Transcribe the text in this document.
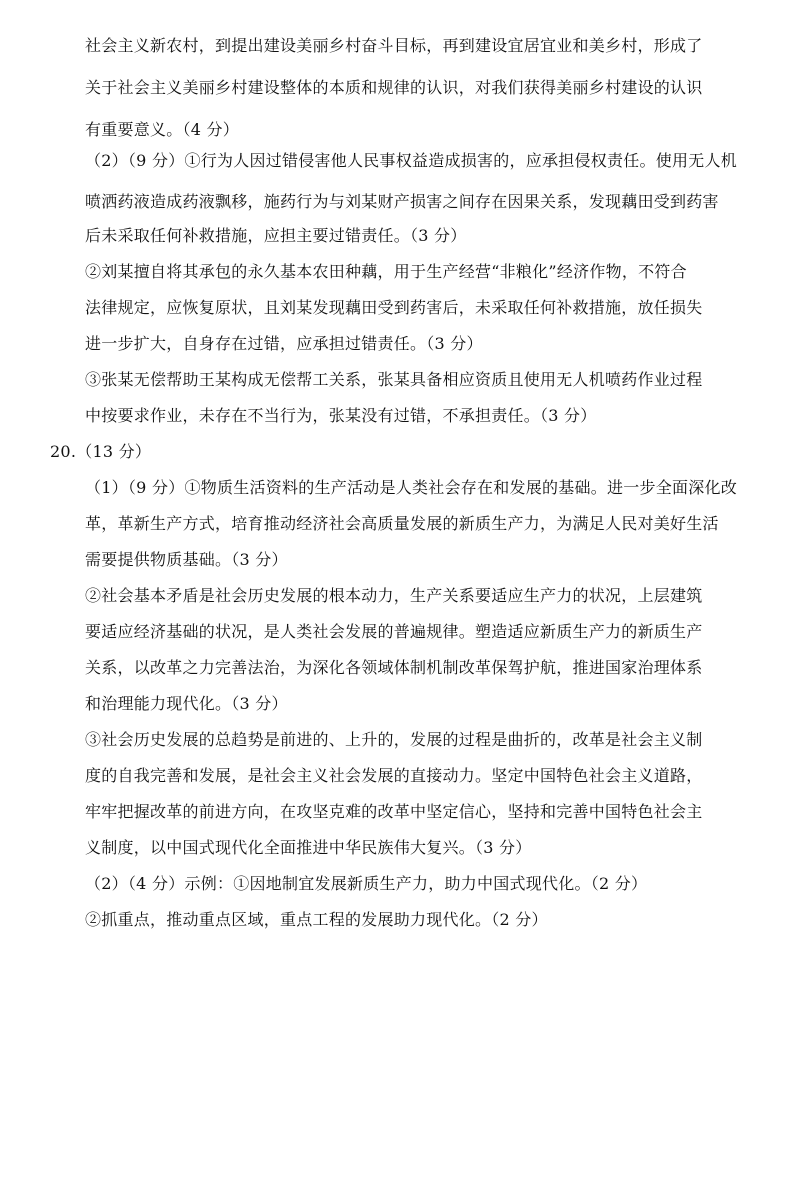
社会主义新农村，到提出建设美丽乡村奋斗目标，再到建设宜居宜业和美乡村，形成了
关于社会主义美丽乡村建设整体的本质和规律的认识，对我们获得美丽乡村建设的认识
有重要意义。（4 分）
（2）（9 分）①行为人因过错侵害他人民事权益造成损害的，应承担侵权责任。使用无人机
喷洒药液造成药液飘移，施药行为与刘某财产损害之间存在因果关系，发现藕田受到药害
后未采取任何补救措施，应担主要过错责任。（3 分）
②刘某擅自将其承包的永久基本农田种藕，用于生产经营“非粮化”经济作物，不符合
法律规定，应恢复原状，且刘某发现藕田受到药害后，未采取任何补救措施，放任损失
进一步扩大，自身存在过错，应承担过错责任。（3 分）
③张某无偿帮助王某构成无偿帮工关系，张某具备相应资质且使用无人机喷药作业过程
中按要求作业，未存在不当行为，张某没有过错，不承担责任。（3 分）
20.（13 分）
（1）（9 分）①物质生活资料的生产活动是人类社会存在和发展的基础。进一步全面深化改
革，革新生产方式，培育推动经济社会高质量发展的新质生产力，为满足人民对美好生活
需要提供物质基础。（3 分）
②社会基本矛盾是社会历史发展的根本动力，生产关系要适应生产力的状况，上层建筑
要适应经济基础的状况，是人类社会发展的普遍规律。塑造适应新质生产力的新质生产
关系，以改革之力完善法治，为深化各领域体制机制改革保驾护航，推进国家治理体系
和治理能力现代化。（3 分）
③社会历史发展的总趋势是前进的、上升的，发展的过程是曲折的，改革是社会主义制
度的自我完善和发展，是社会主义社会发展的直接动力。坚定中国特色社会主义道路，
牢牢把握改革的前进方向，在攻坚克难的改革中坚定信心，坚持和完善中国特色社会主
义制度，以中国式现代化全面推进中华民族伟大复兴。（3 分）
（2）（4 分）示例：①因地制宜发展新质生产力，助力中国式现代化。（2 分）
②抓重点，推动重点区域，重点工程的发展助力现代化。（2 分）
